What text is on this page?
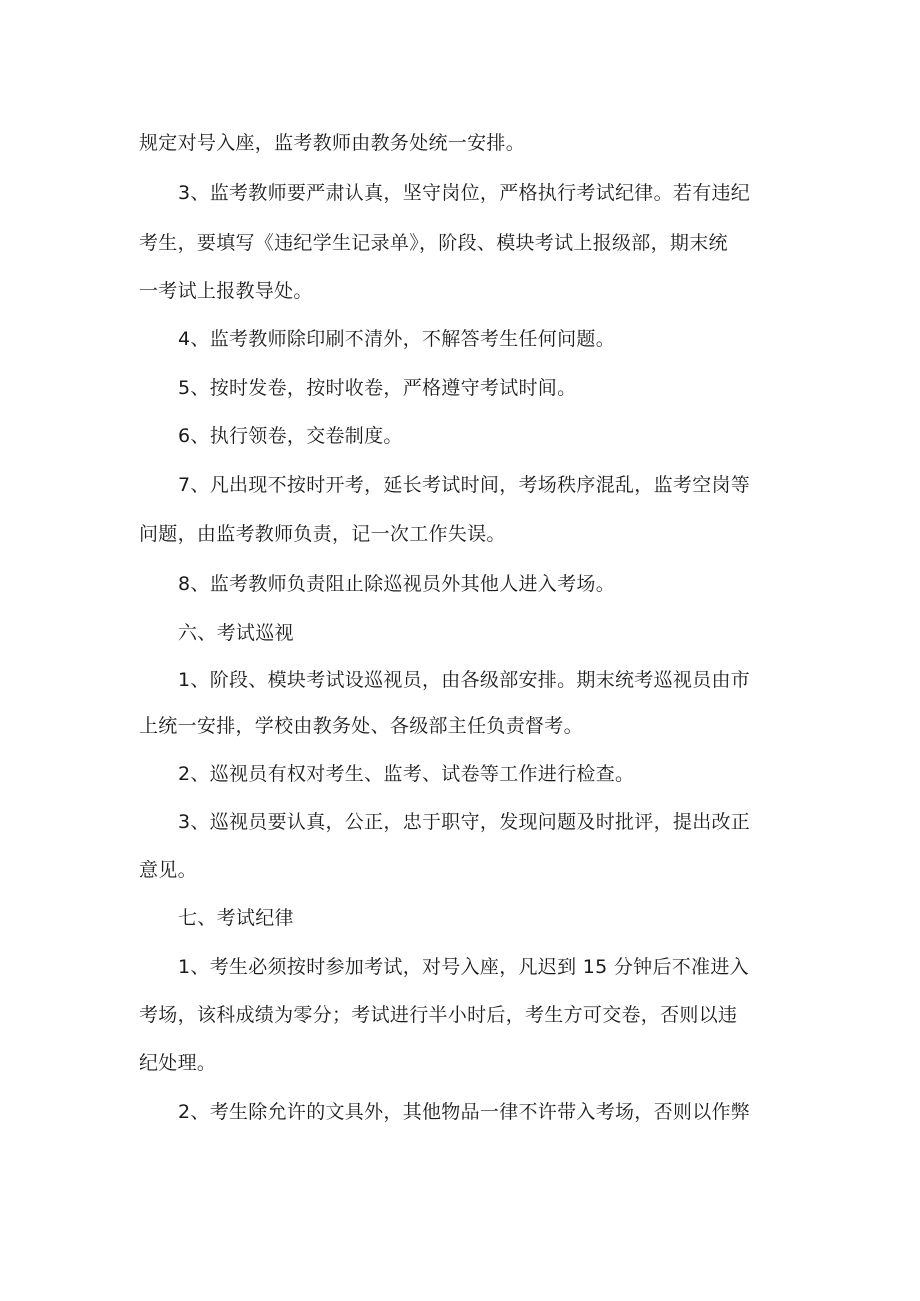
规定对号入座，监考教师由教务处统一安排。
3、监考教师要严肃认真，坚守岗位，严格执行考试纪律。若有违纪
考生，要填写《违纪学生记录单》，阶段、模块考试上报级部，期末统
一考试上报教导处。
4、监考教师除印刷不清外，不解答考生任何问题。
5、按时发卷，按时收卷，严格遵守考试时间。
6、执行领卷，交卷制度。
7、凡出现不按时开考，延长考试时间，考场秩序混乱，监考空岗等
问题，由监考教师负责，记一次工作失误。
8、监考教师负责阻止除巡视员外其他人进入考场。
六、考试巡视
1、阶段、模块考试设巡视员，由各级部安排。期末统考巡视员由市
上统一安排，学校由教务处、各级部主任负责督考。
2、巡视员有权对考生、监考、试卷等工作进行检查。
3、巡视员要认真，公正，忠于职守，发现问题及时批评，提出改正
意见。
七、考试纪律
1、考生必须按时参加考试，对号入座，凡迟到 15 分钟后不准进入
考场，该科成绩为零分；考试进行半小时后，考生方可交卷，否则以违
纪处理。
2、考生除允许的文具外，其他物品一律不许带入考场，否则以作弊
